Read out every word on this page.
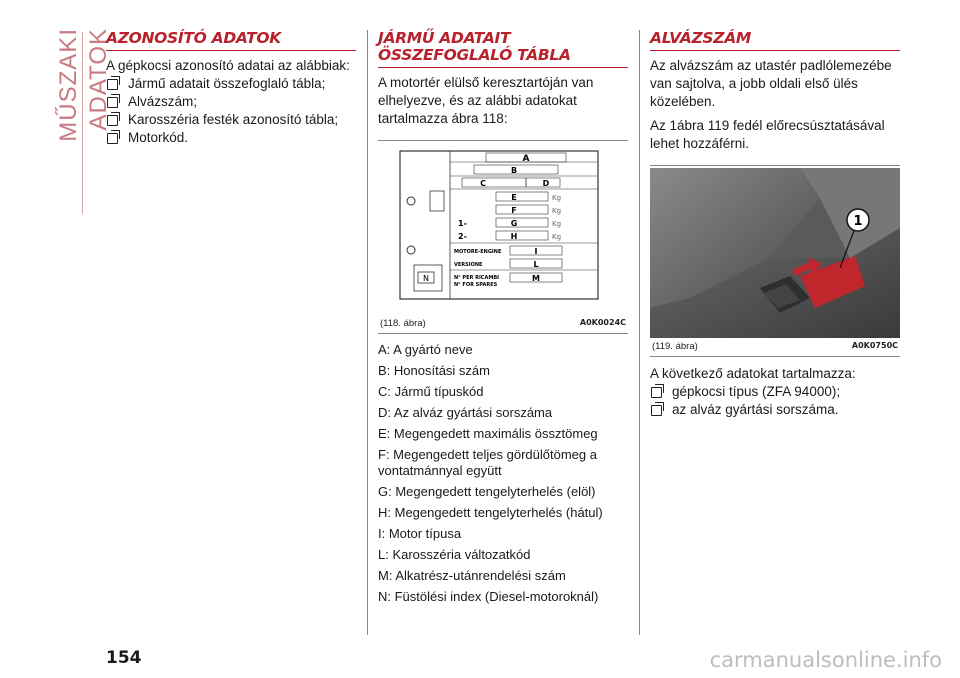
MŰSZAKI ADATOK
AZONOSÍTÓ ADATOK

A gépkocsi azonosító adatai az alábbiak:

Jármű adatait összefoglaló tábla;
Alvázszám;
Karosszéria festék azonosító tábla;
Motorkód.
JÁRMŰ ADATAIT
ÖSSZEFOGLALÓ TÁBLA

A motortér elülső keresztartóján van elhelyezve, és az alábbi adatokat tartalmazza ábra 118:

N
A
B
C	D
E	Kg
F	Kg
1-	G	Kg
2-	H	Kg
MOTORE-ENGINE	I
VERSIONE	L
N° PER RICAMBI
N° FOR SPARES
M
(118. ábra)	A0K0024C

A: A gyártó neve

B: Honosítási szám

C: Jármű típuskód

D: Az alváz gyártási sorszáma

E: Megengedett maximális össztömeg

F: Megengedett teljes gördülőtömeg a vontatmánnyal együtt

G: Megengedett tengelyterhelés (elöl)

H: Megengedett tengelyterhelés (hátul)

I: Motor típusa

L: Karosszéria változatkód

M: Alkatrész-utánrendelési szám

N: Füstölési index (Diesel-motoroknál)

ALVÁZSZÁM

Az alvázszám az utastér padlólemezébe van sajtolva, a jobb oldali első ülés közelében.

Az 1ábra 119 fedél előrecsúsztatásával lehet hozzáférni.

1
(119. ábra)	A0K0750C

A következő adatokat tartalmazza:

gépkocsi típus (ZFA 94000);
az alváz gyártási sorszáma.
154	carmanualsonline.info
